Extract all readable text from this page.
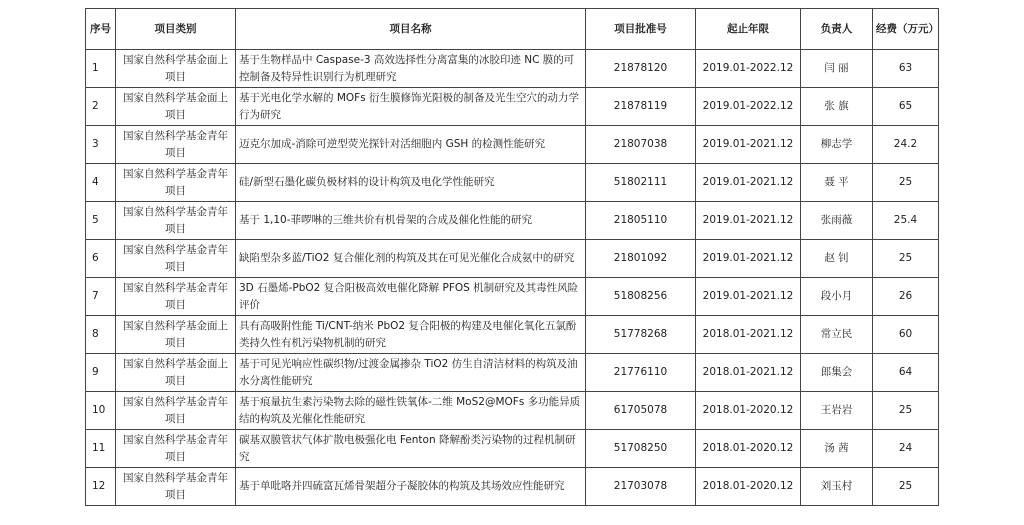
序号	项目类别	项目名称	项目批准号	起止年限	负责人	经费（万元）
1	国家自然科学基金面上项目	基于生物样品中 Caspase-3 高效选择性分离富集的冰胶印迹 NC 膜的可控制备及特异性识别行为机理研究	21878120	2019.01-2022.12	闫 丽	63
2	国家自然科学基金面上项目	基于光电化学水解的 MOFs 衍生膜修饰光阳极的制备及光生空穴的动力学行为研究	21878119	2019.01-2022.12	张 旗	65
3	国家自然科学基金青年项目	迈克尔加成-消除可逆型荧光探针对活细胞内 GSH 的检测性能研究	21807038	2019.01-2021.12	柳志学	24.2
4	国家自然科学基金青年项目	硅/新型石墨化碳负极材料的设计构筑及电化学性能研究	51802111	2019.01-2021.12	聂 平	25
5	国家自然科学基金青年项目	基于 1,10-菲啰啉的三维共价有机骨架的合成及催化性能的研究	21805110	2019.01-2021.12	张雨薇	25.4
6	国家自然科学基金青年项目	缺陷型杂多蓝/TiO2 复合催化剂的构筑及其在可见光催化合成氨中的研究	21801092	2019.01-2021.12	赵 钊	25
7	国家自然科学基金青年项目	3D 石墨烯-PbO2 复合阳极高效电催化降解 PFOS 机制研究及其毒性风险评价	51808256	2019.01-2021.12	段小月	26
8	国家自然科学基金面上项目	具有高吸附性能 Ti/CNT-纳米 PbO2 复合阳极的构建及电催化氧化五氯酚类持久性有机污染物机制的研究	51778268	2018.01-2021.12	常立民	60
9	国家自然科学基金面上项目	基于可见光响应性碳织物/过渡金属掺杂 TiO2 仿生自清洁材料的构筑及油水分离性能研究	21776110	2018.01-2021.12	郎集会	64
10	国家自然科学基金青年项目	基于痕量抗生素污染物去除的磁性铁氧体-二维 MoS2@MOFs 多功能异质结的构筑及光催化性能研究	61705078	2018.01-2020.12	王岩岩	25
11	国家自然科学基金青年项目	碳基双膜管状气体扩散电极强化电 Fenton 降解酚类污染物的过程机制研究	51708250	2018.01-2020.12	汤 茜	24
12	国家自然科学基金青年项目	基于单吡咯并四硫富瓦烯骨架超分子凝胶体的构筑及其场效应性能研究	21703078	2018.01-2020.12	刘玉村	25
